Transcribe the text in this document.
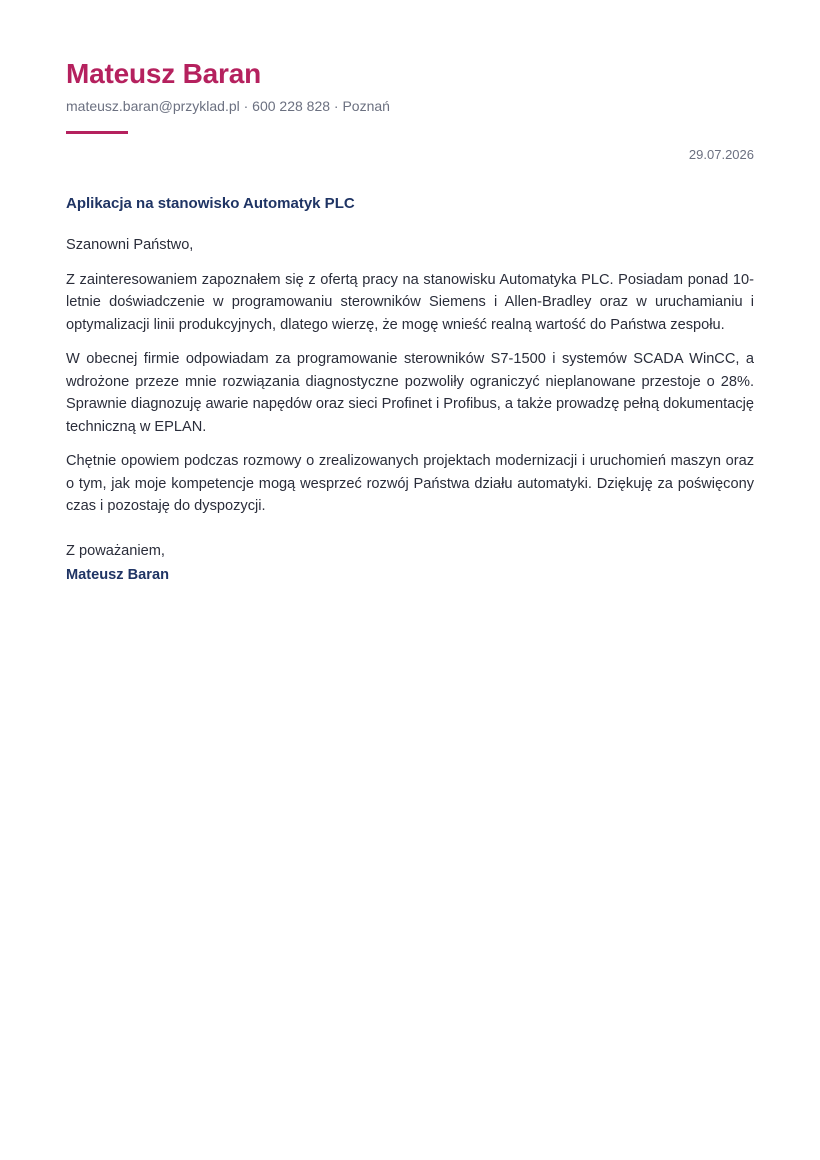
Mateusz Baran
mateusz.baran@przyklad.pl · 600 228 828 · Poznań
29.07.2026
Aplikacja na stanowisko Automatyk PLC

Szanowni Państwo,

Z zainteresowaniem zapoznałem się z ofertą pracy na stanowisku Automatyka PLC. Posiadam ponad 10-letnie doświadczenie w programowaniu sterowników Siemens i Allen-Bradley oraz w uruchamianiu i optymalizacji linii produkcyjnych, dlatego wierzę, że mogę wnieść realną wartość do Państwa zespołu.

W obecnej firmie odpowiadam za programowanie sterowników S7-1500 i systemów SCADA WinCC, a wdrożone przeze mnie rozwiązania diagnostyczne pozwoliły ograniczyć nieplanowane przestoje o 28%. Sprawnie diagnozuję awarie napędów oraz sieci Profinet i Profibus, a także prowadzę pełną dokumentację techniczną w EPLAN.

Chętnie opowiem podczas rozmowy o zrealizowanych projektach modernizacji i uruchomień maszyn oraz o tym, jak moje kompetencje mogą wesprzeć rozwój Państwa działu automatyki. Dziękuję za poświęcony czas i pozostaję do dyspozycji.

Z poważaniem,
Mateusz Baran
